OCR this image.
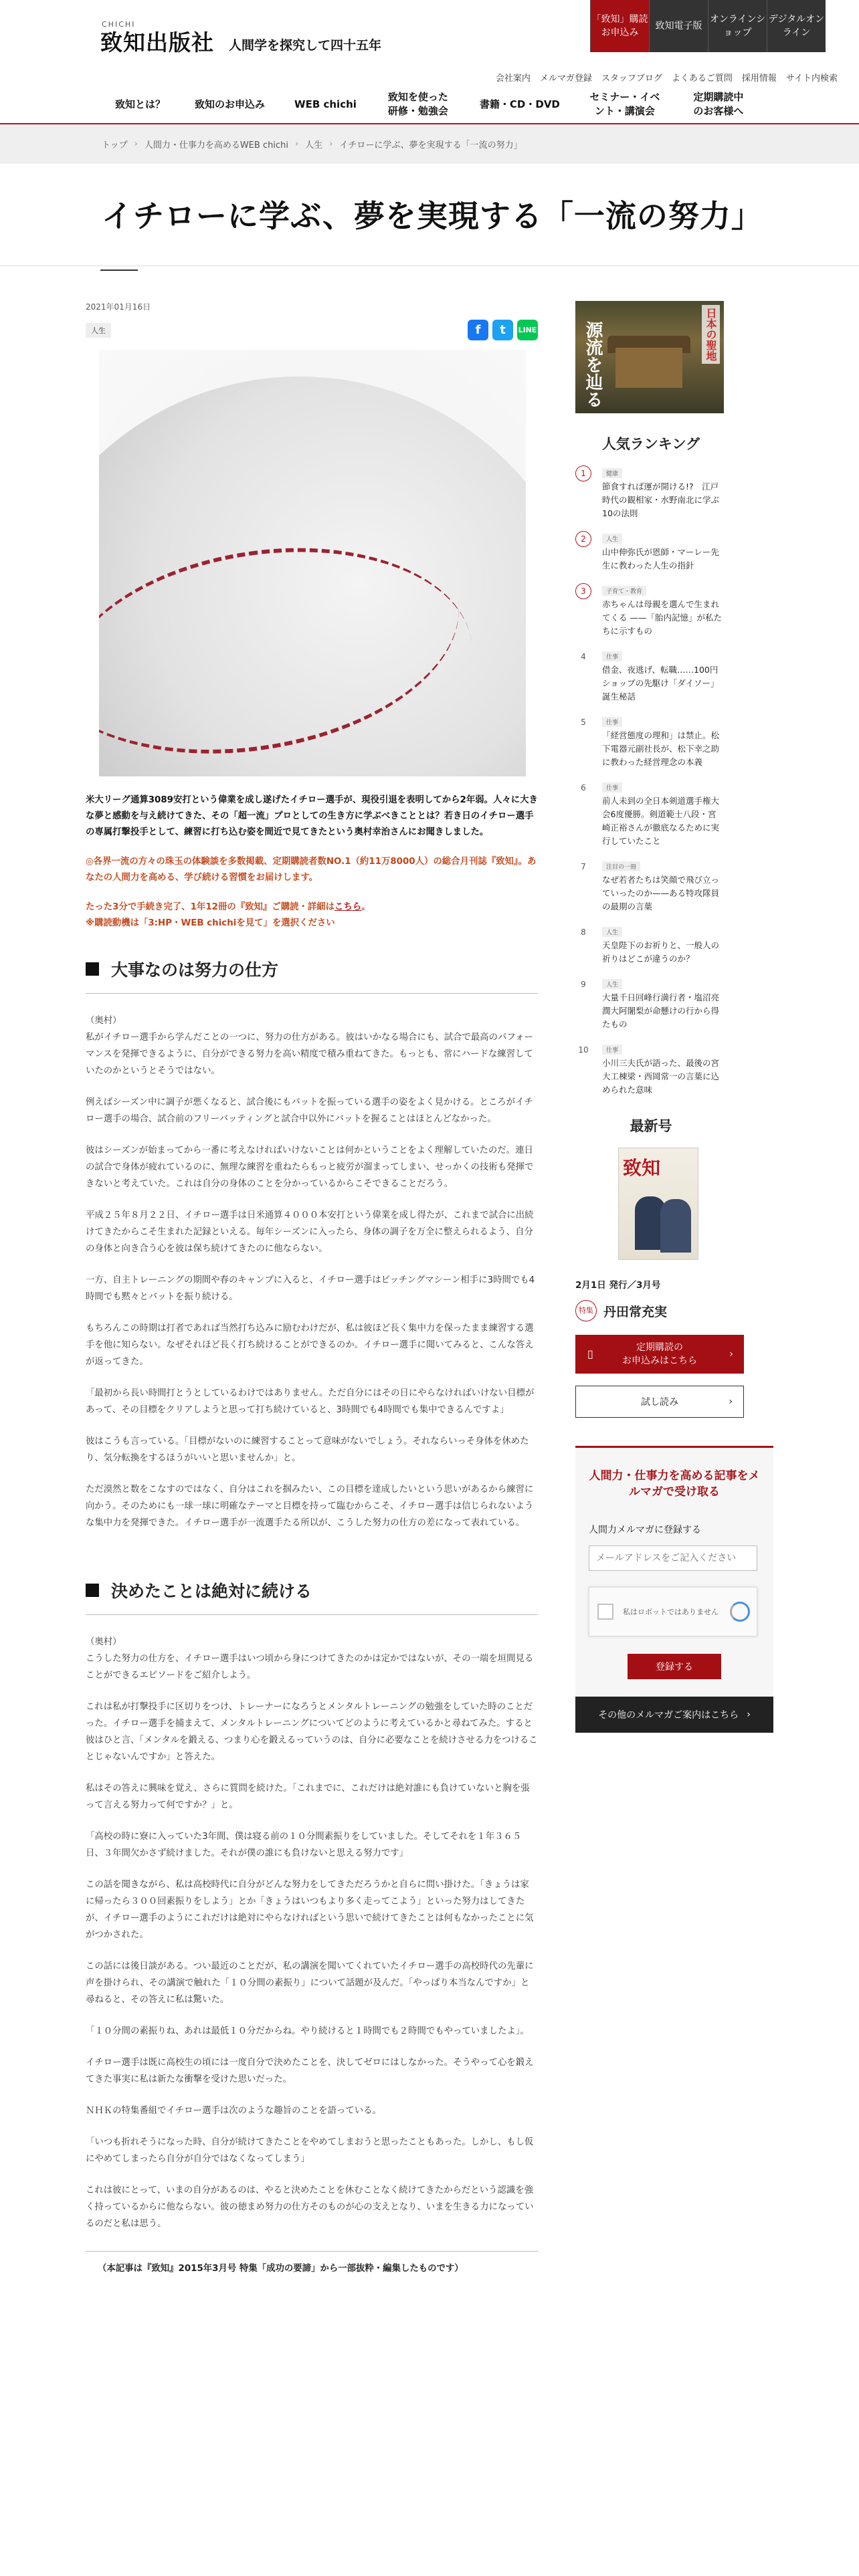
CHICHI
致知出版社 人間学を探究して四十五年
「致知」購読お申込み
致知電子版
オンラインショップ
デジタルオンライン
会社案内 メルマガ登録 スタッフブログ よくあるご質問 採用情報 サイト内検索
致知とは？	致知のお申込み	WEB chichi
致知を使った研修・勉強会
書籍・CD・DVD
セミナー・イベント・講演会
定期購読中のお客様へ
トップ › 人間力・仕事力を高めるWEB chichi › 人生 › イチローに学ぶ、夢を実現する「一流の努力」
イチローに学ぶ、夢を実現する「一流の努力」
2021年01月16日
人生	f	t	LINE
米大リーグ通算3089安打という偉業を成し遂げたイチロー選手が、現役引退を表明してから2年弱。人々に大きな夢と感動を与え続けてきた、その「超一流」プロとしての生き方に学ぶべきこととは？若き日のイチロー選手の専属打撃投手として、練習に打ち込む姿を間近で見てきたという奥村幸治さんにお聞きしました。
◎各界一流の方々の珠玉の体験談を多数掲載、定期購読者数NO.1（約11万8000人）の総合月刊誌『致知』。あなたの人間力を高める、学び続ける習慣をお届けします。
たった3分で手続き完了、1年12冊の『致知』ご購読・詳細はこちら。
※購読動機は「3:HP・WEB chichiを見て」を選択ください
大事なのは努力の仕方
（奥村）
私がイチロー選手から学んだことの一つに、努力の仕方がある。彼はいかなる場合にも、試合で最高のパフォーマンスを発揮できるように、自分ができる努力を高い精度で積み重ねてきた。もっとも、常にハードな練習していたのかというとそうではない。
例えばシーズン中に調子が悪くなると、試合後にもバットを振っている選手の姿をよく見かける。ところがイチロー選手の場合、試合前のフリーバッティングと試合中以外にバットを握ることはほとんどなかった。
彼はシーズンが始まってから一番に考えなければいけないことは何かということをよく理解していたのだ。連日の試合で身体が疲れているのに、無理な練習を重ねたらもっと疲労が溜まってしまい、せっかくの技術も発揮できないと考えていた。これは自分の身体のことを分かっているからこそできることだろう。
平成２５年８月２２日、イチロー選手は日米通算４０００本安打という偉業を成し得たが、これまで試合に出続けてきたからこそ生まれた記録といえる。毎年シーズンに入ったら、身体の調子を万全に整えられるよう、自分の身体と向き合う心を彼は保ち続けてきたのに他ならない。
一方、自主トレーニングの期間や春のキャンプに入ると、イチロー選手はピッチングマシーン相手に3時間でも4時間でも黙々とバットを振り続ける。
もちろんこの時期は打者であれば当然打ち込みに励むわけだが、私は彼ほど長く集中力を保ったまま練習する選手を他に知らない。なぜそれほど長く打ち続けることができるのか。イチロー選手に聞いてみると、こんな答えが返ってきた。
「最初から長い時間打とうとしているわけではありません。ただ自分にはその日にやらなければいけない目標があって、その目標をクリアしようと思って打ち続けていると、3時間でも4時間でも集中できるんですよ」
彼はこうも言っている。「目標がないのに練習することって意味がないでしょう。それならいっそ身体を休めたり、気分転換をするほうがいいと思いませんか」と。
ただ漠然と数をこなすのではなく、自分はこれを掴みたい、この目標を達成したいという思いがあるから練習に向かう。そのためにも一球一球に明確なテーマと目標を持って臨むからこそ、イチロー選手は信じられないような集中力を発揮できた。イチロー選手が一流選手たる所以が、こうした努力の仕方の差になって表れている。
決めたことは絶対に続ける
（奥村）
こうした努力の仕方を、イチロー選手はいつ頃から身につけてきたのかは定かではないが、その一端を垣間見ることができるエピソードをご紹介しよう。
これは私が打撃投手に区切りをつけ、トレーナーになろうとメンタルトレーニングの勉強をしていた時のことだった。イチロー選手を捕まえて、メンタルトレーニングについてどのように考えているかと尋ねてみた。すると彼はひと言、「メンタルを鍛える、つまり心を鍛えるっていうのは、自分に必要なことを続けさせる力をつけることじゃないんですか」と答えた。
私はその答えに興味を覚え、さらに質問を続けた。「これまでに、これだけは絶対誰にも負けていないと胸を張って言える努力って何ですか？」と。
「高校の時に寮に入っていた3年間、僕は寝る前の１０分間素振りをしていました。そしてそれを１年３６５日、３年間欠かさず続けました。それが僕の誰にも負けないと思える努力です」
この話を聞きながら、私は高校時代に自分がどんな努力をしてきただろうかと自らに問い掛けた。「きょうは家に帰ったら３００回素振りをしよう」とか「きょうはいつもより多く走ってこよう」といった努力はしてきたが、イチロー選手のようにこれだけは絶対にやらなければという思いで続けてきたことは何もなかったことに気がつかされた。
この話には後日談がある。つい最近のことだが、私の講演を聞いてくれていたイチロー選手の高校時代の先輩に声を掛けられ、その講演で触れた「１０分間の素振り」について話題が及んだ。「やっぱり本当なんですか」と尋ねると、その答えに私は驚いた。
「１０分間の素振りね、あれは最低１０分だからね。やり続けると１時間でも２時間でもやっていましたよ」。
イチロー選手は既に高校生の頃には一度自分で決めたことを、決してゼロにはしなかった。そうやって心を鍛えてきた事実に私は新たな衝撃を受けた思いだった。
ＮＨＫの特集番組でイチロー選手は次のような趣旨のことを語っている。
「いつも折れそうになった時、自分が続けてきたことをやめてしまおうと思ったこともあった。しかし、もし仮にやめてしまったら自分が自分ではなくなってしまう」
これは彼にとって、いまの自分があるのは、やると決めたことを休むことなく続けてきたからだという認識を強く持っているからに他ならない。彼の徳まめ努力の仕方そのものが心の支えとなり、いまを生きる力になっているのだと私は思う。
（本記事は『致知』2015年3月号 特集「成功の要諦」から一部抜粋・編集したものです）
源流を辿る	日本の聖地
人気ランキング
1	健康
節食すれば運が開ける!?　江戸時代の観相家・水野南北に学ぶ10の法則
2	人生
山中伸弥氏が恩師・マーレー先生に教わった人生の指針
3	子育て・教育
赤ちゃんは母親を選んで生まれてくる ——「胎内記憶」が私たちに示すもの
4	仕事
借金、夜逃げ、転職……100円ショップの先駆け「ダイソー」誕生秘話
5	仕事
「経営態度の理和」は禁止。松下電器元副社長が、松下幸之助に教わった経営理念の本義
6	仕事
前人未到の全日本剣道選手権大会6度優勝。剣道範士八段・宮崎正裕さんが徹底なるために実行していたこと
7	注目の一冊
なぜ若者たちは笑顔で飛び立っていったのか——ある特攻隊員の最期の言葉
8	人生
天皇陛下のお祈りと、一般人の祈りはどこが違うのか？
9	人生
大量千日回峰行満行者・塩沼亮潤大阿闍梨が命懸けの行から得たもの
10	仕事
小川三夫氏が語った、最後の宮大工棟梁・西岡常一の言葉に込められた意味
最新号
致知
2月1日 発行／3月号
特集 丹田常充実
▯	定期購読の
お申込みはこちら
›
試し読み	›
人間力・仕事力を高める記事をメルマガで受け取る
人間力メルマガに登録する
メールアドレスをご記入ください
私はロボットではありません
登録する
その他のメルマガご案内はこちら ›
